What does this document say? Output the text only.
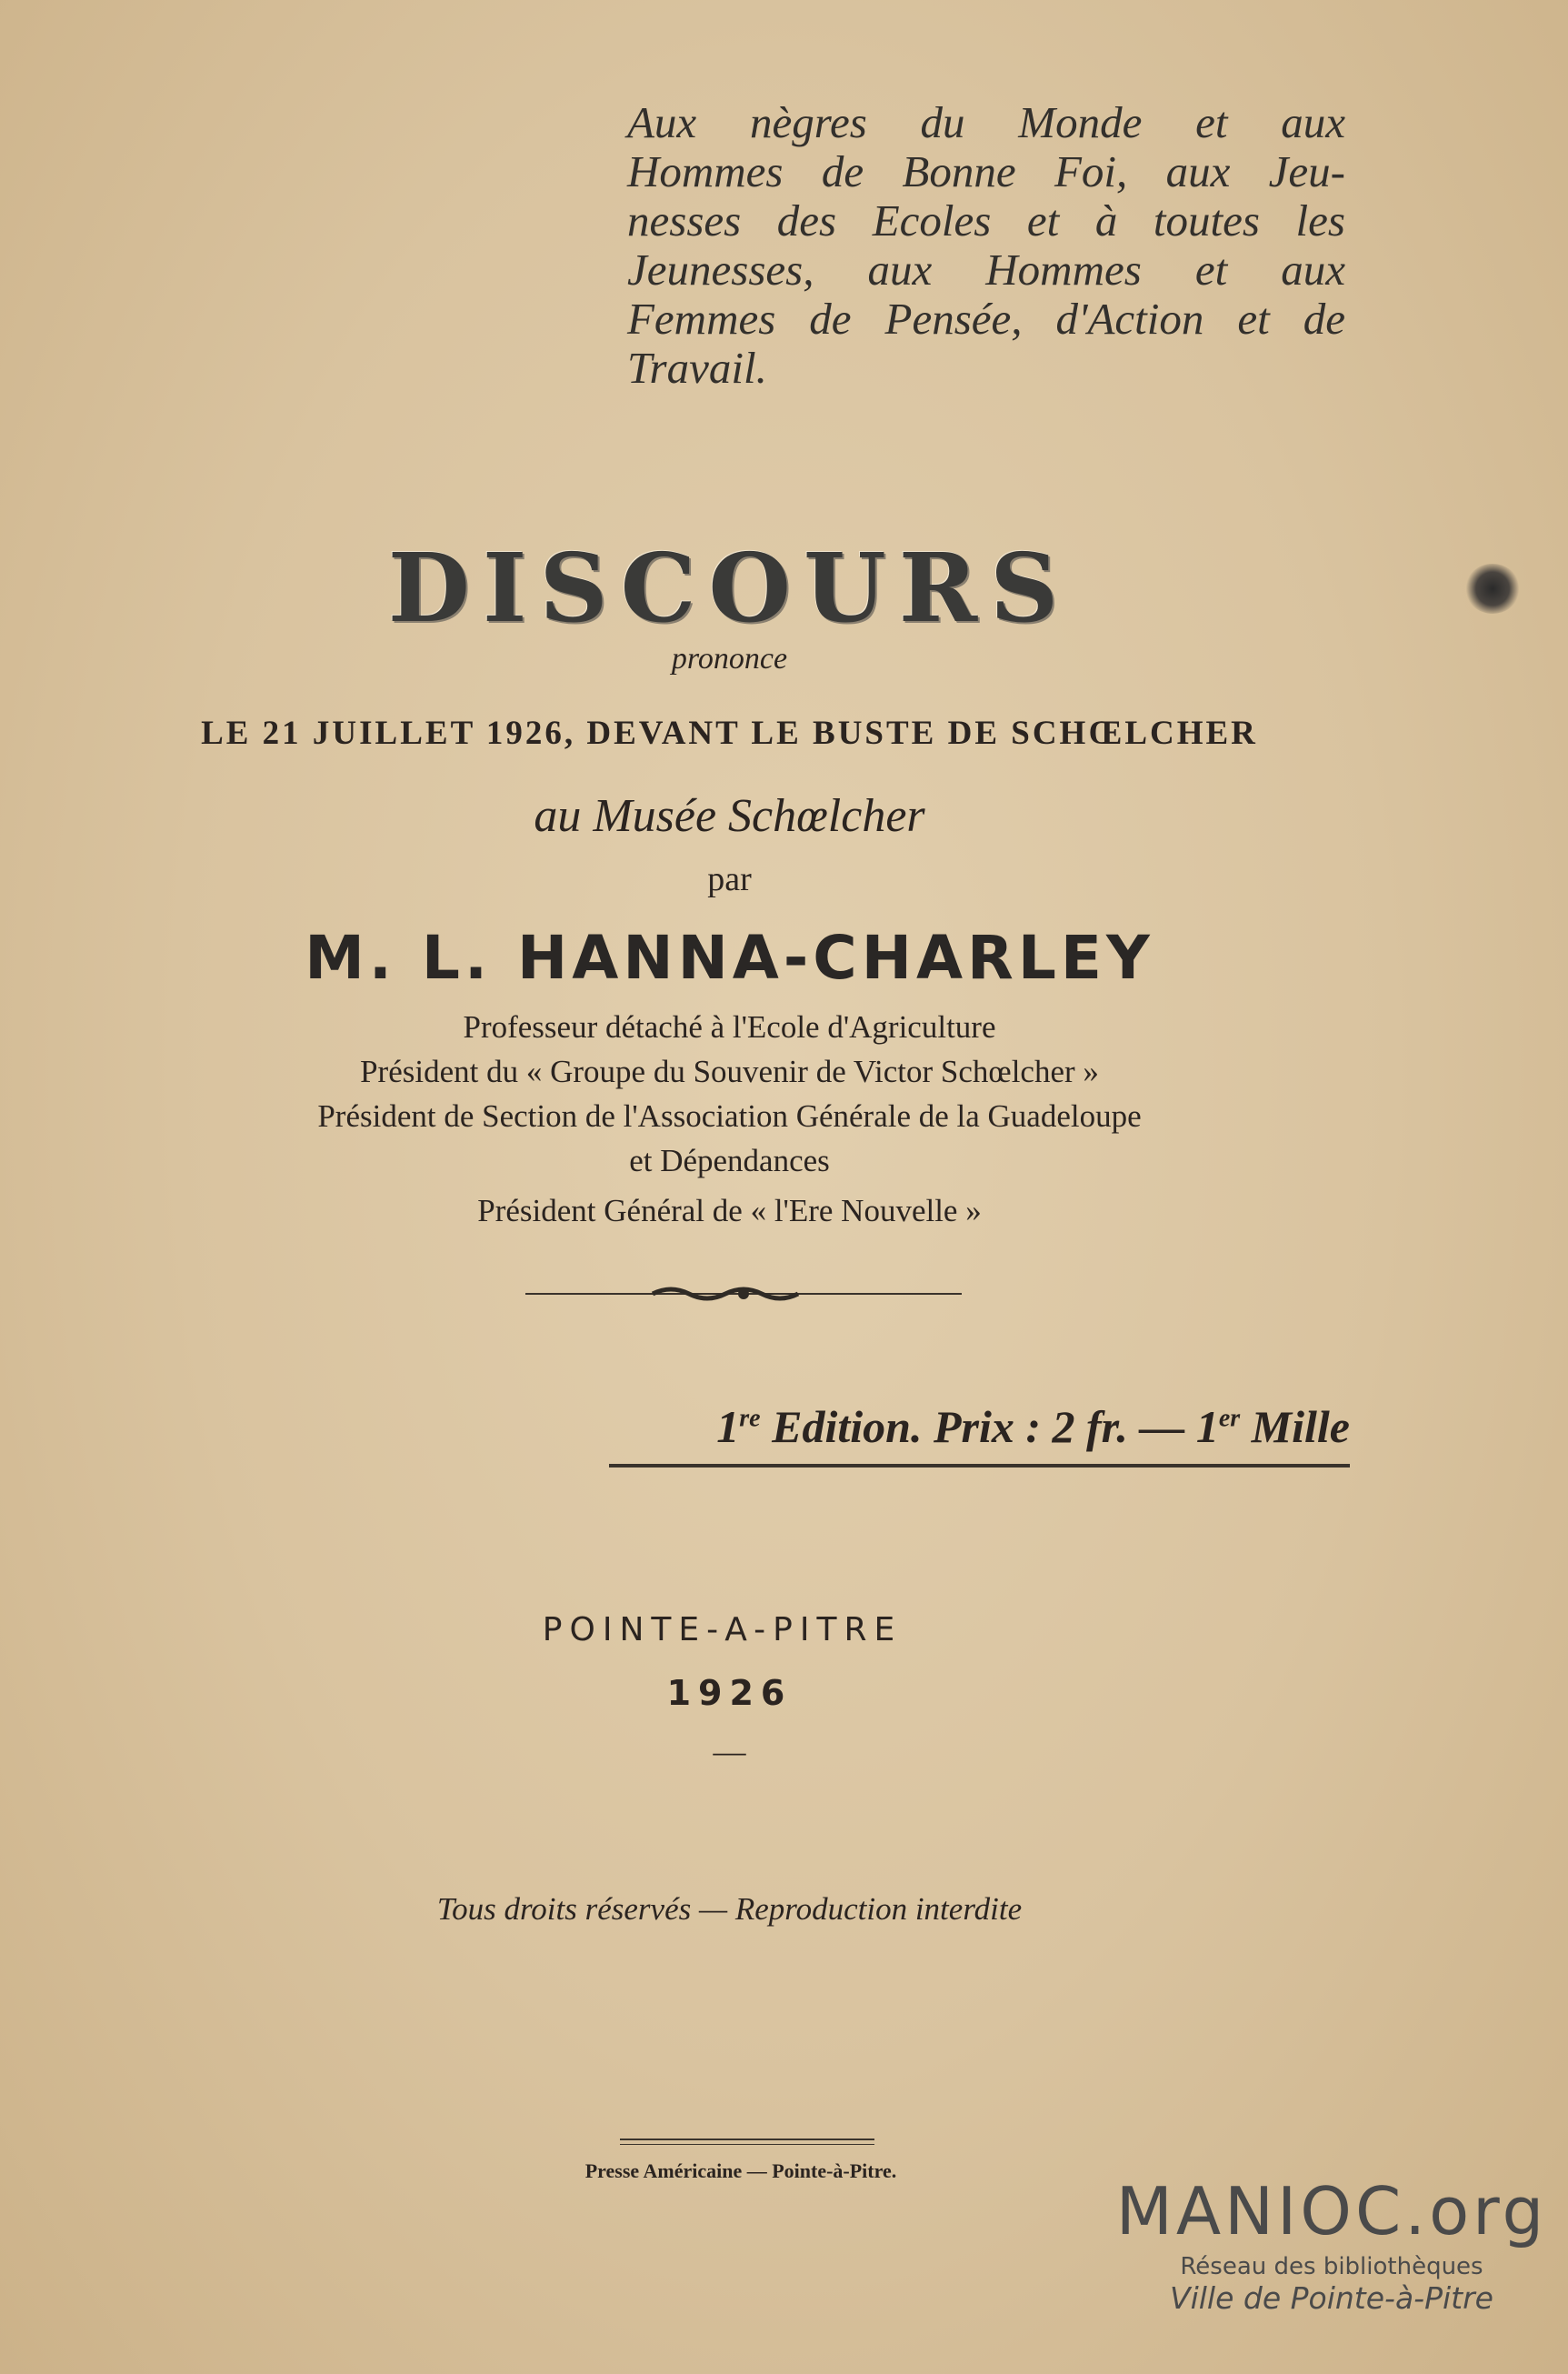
Aux nègres du Monde et aux
Hommes de Bonne Foi, aux Jeu-
nesses des Ecoles et à toutes les
Jeunesses, aux Hommes et aux
Femmes de Pensée, d'Action et de
Travail.
DISCOURS
prononce
LE 21 JUILLET 1926, DEVANT LE BUSTE DE SCHŒLCHER
au Musée Schœlcher
par
M. L. HANNA-CHARLEY
Professeur détaché à l'Ecole d'Agriculture
Président du « Groupe du Souvenir de Victor Schœlcher »
Président de Section de l'Association Générale de la Guadeloupe
et Dépendances
Président Général de « l'Ere Nouvelle »
1re Edition. Prix : 2 fr. — 1er Mille
POINTE-A-PITRE
1926
—
Tous droits réservés — Reproduction interdite
Presse Américaine — Pointe-à-Pitre.
MANIOC.org
Réseau des bibliothèques
Ville de Pointe-à-Pitre
